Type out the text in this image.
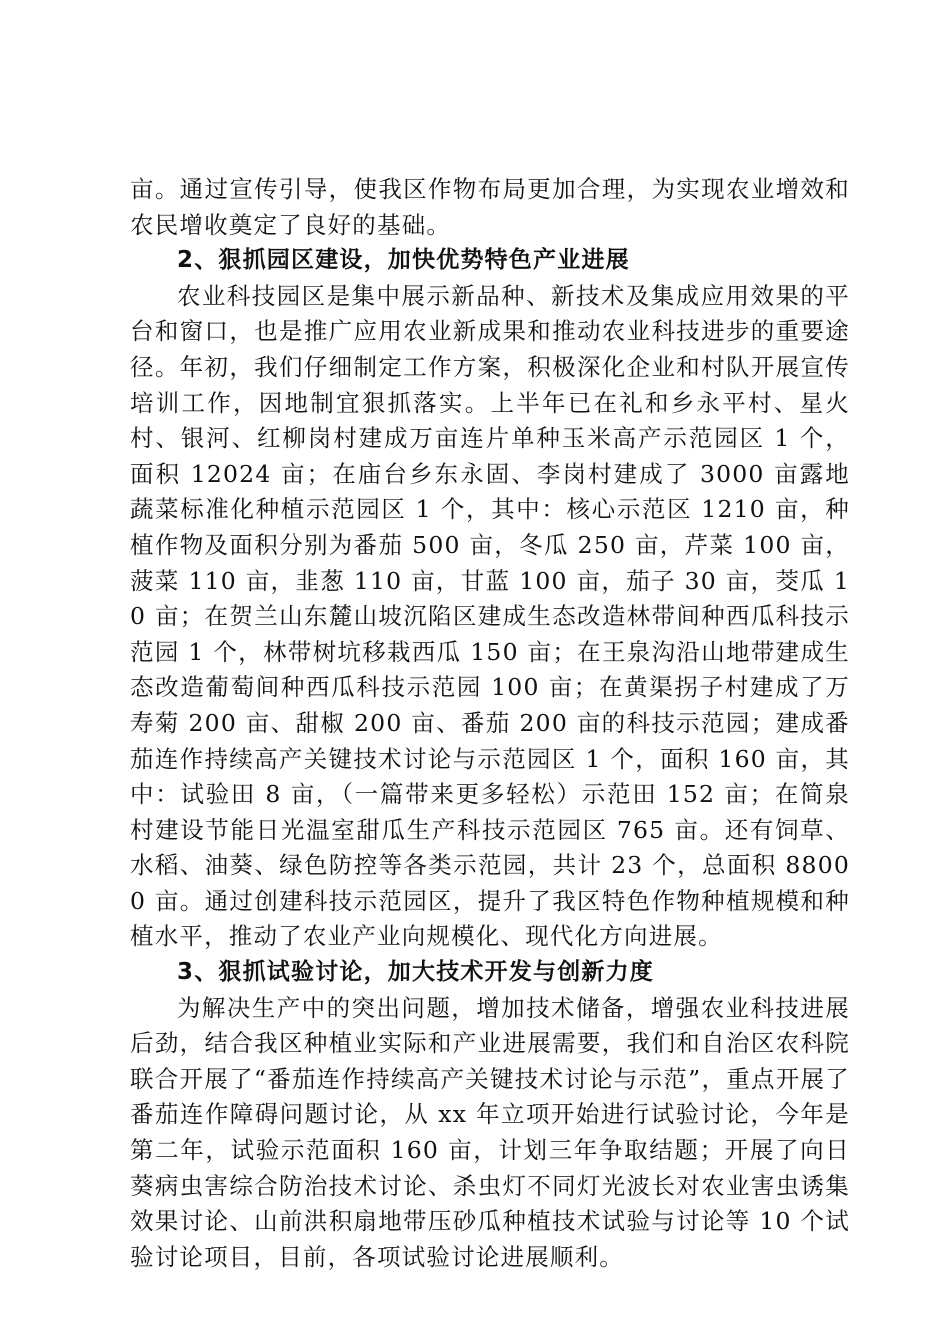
亩。通过宣传引导，使我区作物布局更加合理，为实现农业增效和农民增收奠定了良好的基础。

2、狠抓园区建设，加快优势特色产业进展

农业科技园区是集中展示新品种、新技术及集成应用效果的平台和窗口，也是推广应用农业新成果和推动农业科技进步的重要途径。年初，我们仔细制定工作方案，积极深化企业和村队开展宣传培训工作，因地制宜狠抓落实。上半年已在礼和乡永平村、星火村、银河、红柳岗村建成万亩连片单种玉米高产示范园区 1 个，面积 12024 亩；在庙台乡东永固、李岗村建成了 3000 亩露地蔬菜标准化种植示范园区 1 个，其中：核心示范区 1210 亩，种植作物及面积分别为番茄 500 亩，冬瓜 250 亩，芹菜 100 亩，菠菜 110 亩，韭葱 110 亩，甘蓝 100 亩，茄子 30 亩，茭瓜 10 亩；在贺兰山东麓山坡沉陷区建成生态改造林带间种西瓜科技示范园 1 个，林带树坑移栽西瓜 150 亩；在王泉沟沿山地带建成生态改造葡萄间种西瓜科技示范园 100 亩；在黄渠拐子村建成了万寿菊 200 亩、甜椒 200 亩、番茄 200 亩的科技示范园；建成番茄连作持续高产关键技术讨论与示范园区 1 个，面积 160 亩，其中：试验田 8 亩，（一篇带来更多轻松）示范田 152 亩；在简泉村建设节能日光温室甜瓜生产科技示范园区 765 亩。还有饲草、水稻、油葵、绿色防控等各类示范园，共计 23 个，总面积 88000 亩。通过创建科技示范园区，提升了我区特色作物种植规模和种植水平，推动了农业产业向规模化、现代化方向进展。

3、狠抓试验讨论，加大技术开发与创新力度

为解决生产中的突出问题，增加技术储备，增强农业科技进展后劲，结合我区种植业实际和产业进展需要，我们和自治区农科院联合开展了“番茄连作持续高产关键技术讨论与示范”，重点开展了番茄连作障碍问题讨论，从 xx 年立项开始进行试验讨论，今年是第二年，试验示范面积 160 亩，计划三年争取结题；开展了向日葵病虫害综合防治技术讨论、杀虫灯不同灯光波长对农业害虫诱集效果讨论、山前洪积扇地带压砂瓜种植技术试验与讨论等 10 个试验讨论项目，目前，各项试验讨论进展顺利。
